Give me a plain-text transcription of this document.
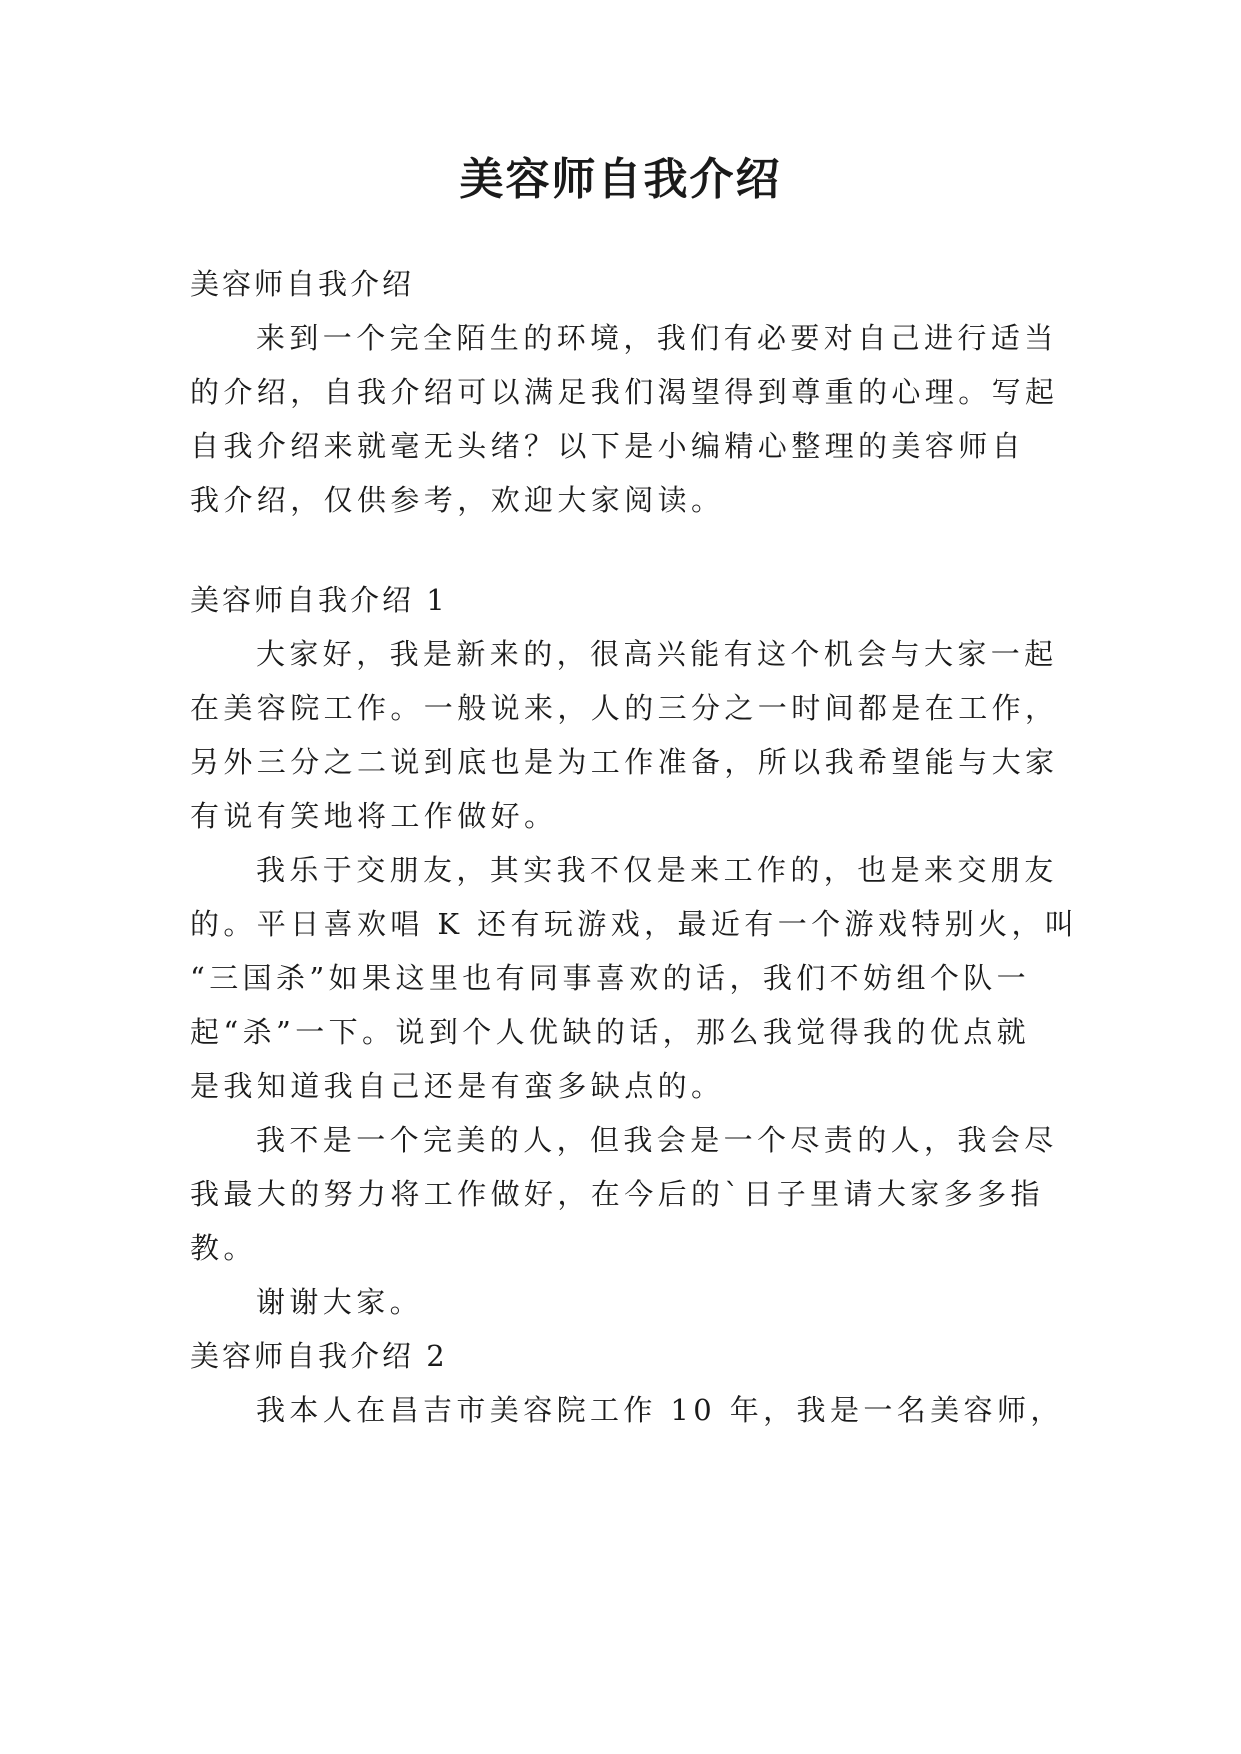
美容师自我介绍
美容师自我介绍
来到一个完全陌生的环境，我们有必要对自己进行适当
的介绍，自我介绍可以满足我们渴望得到尊重的心理。写起
自我介绍来就毫无头绪？以下是小编精心整理的美容师自
我介绍，仅供参考，欢迎大家阅读。
美容师自我介绍 1
大家好，我是新来的，很高兴能有这个机会与大家一起
在美容院工作。一般说来，人的三分之一时间都是在工作，
另外三分之二说到底也是为工作准备，所以我希望能与大家
有说有笑地将工作做好。
我乐于交朋友，其实我不仅是来工作的，也是来交朋友
的。平日喜欢唱 K 还有玩游戏，最近有一个游戏特别火，叫
“三国杀”如果这里也有同事喜欢的话，我们不妨组个队一
起“杀”一下。说到个人优缺的话，那么我觉得我的优点就
是我知道我自己还是有蛮多缺点的。
我不是一个完美的人，但我会是一个尽责的人，我会尽
我最大的努力将工作做好，在今后的`日子里请大家多多指
教。
谢谢大家。
美容师自我介绍 2
我本人在昌吉市美容院工作 10 年，我是一名美容师，
